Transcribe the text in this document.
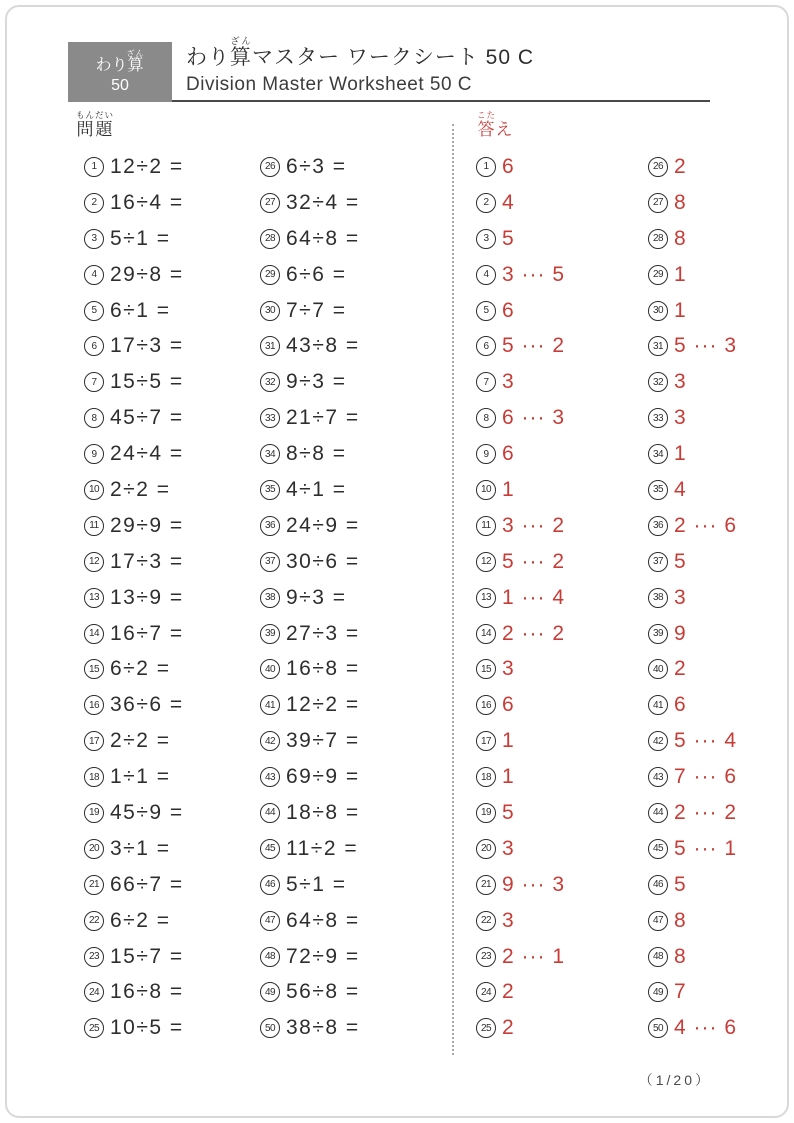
わり算ざん
50
わり算ざんマスター ワークシート 50 C
Division Master Worksheet 50 C
問題もんだい
答こたえ
1 12÷2 =
2 16÷4 =
3 5÷1 =
4 29÷8 =
5 6÷1 =
6 17÷3 =
7 15÷5 =
8 45÷7 =
9 24÷4 =
10 2÷2 =
11 29÷9 =
12 17÷3 =
13 13÷9 =
14 16÷7 =
15 6÷2 =
16 36÷6 =
17 2÷2 =
18 1÷1 =
19 45÷9 =
20 3÷1 =
21 66÷7 =
22 6÷2 =
23 15÷7 =
24 16÷8 =
25 10÷5 =
26 6÷3 =
27 32÷4 =
28 64÷8 =
29 6÷6 =
30 7÷7 =
31 43÷8 =
32 9÷3 =
33 21÷7 =
34 8÷8 =
35 4÷1 =
36 24÷9 =
37 30÷6 =
38 9÷3 =
39 27÷3 =
40 16÷8 =
41 12÷2 =
42 39÷7 =
43 69÷9 =
44 18÷8 =
45 11÷2 =
46 5÷1 =
47 64÷8 =
48 72÷9 =
49 56÷8 =
50 38÷8 =
1 6
2 4
3 5
4 3 ··· 5
5 6
6 5 ··· 2
7 3
8 6 ··· 3
9 6
10 1
11 3 ··· 2
12 5 ··· 2
13 1 ··· 4
14 2 ··· 2
15 3
16 6
17 1
18 1
19 5
20 3
21 9 ··· 3
22 3
23 2 ··· 1
24 2
25 2
26 2
27 8
28 8
29 1
30 1
31 5 ··· 3
32 3
33 3
34 1
35 4
36 2 ··· 6
37 5
38 3
39 9
40 2
41 6
42 5 ··· 4
43 7 ··· 6
44 2 ··· 2
45 5 ··· 1
46 5
47 8
48 8
49 7
50 4 ··· 6
（1/20）
